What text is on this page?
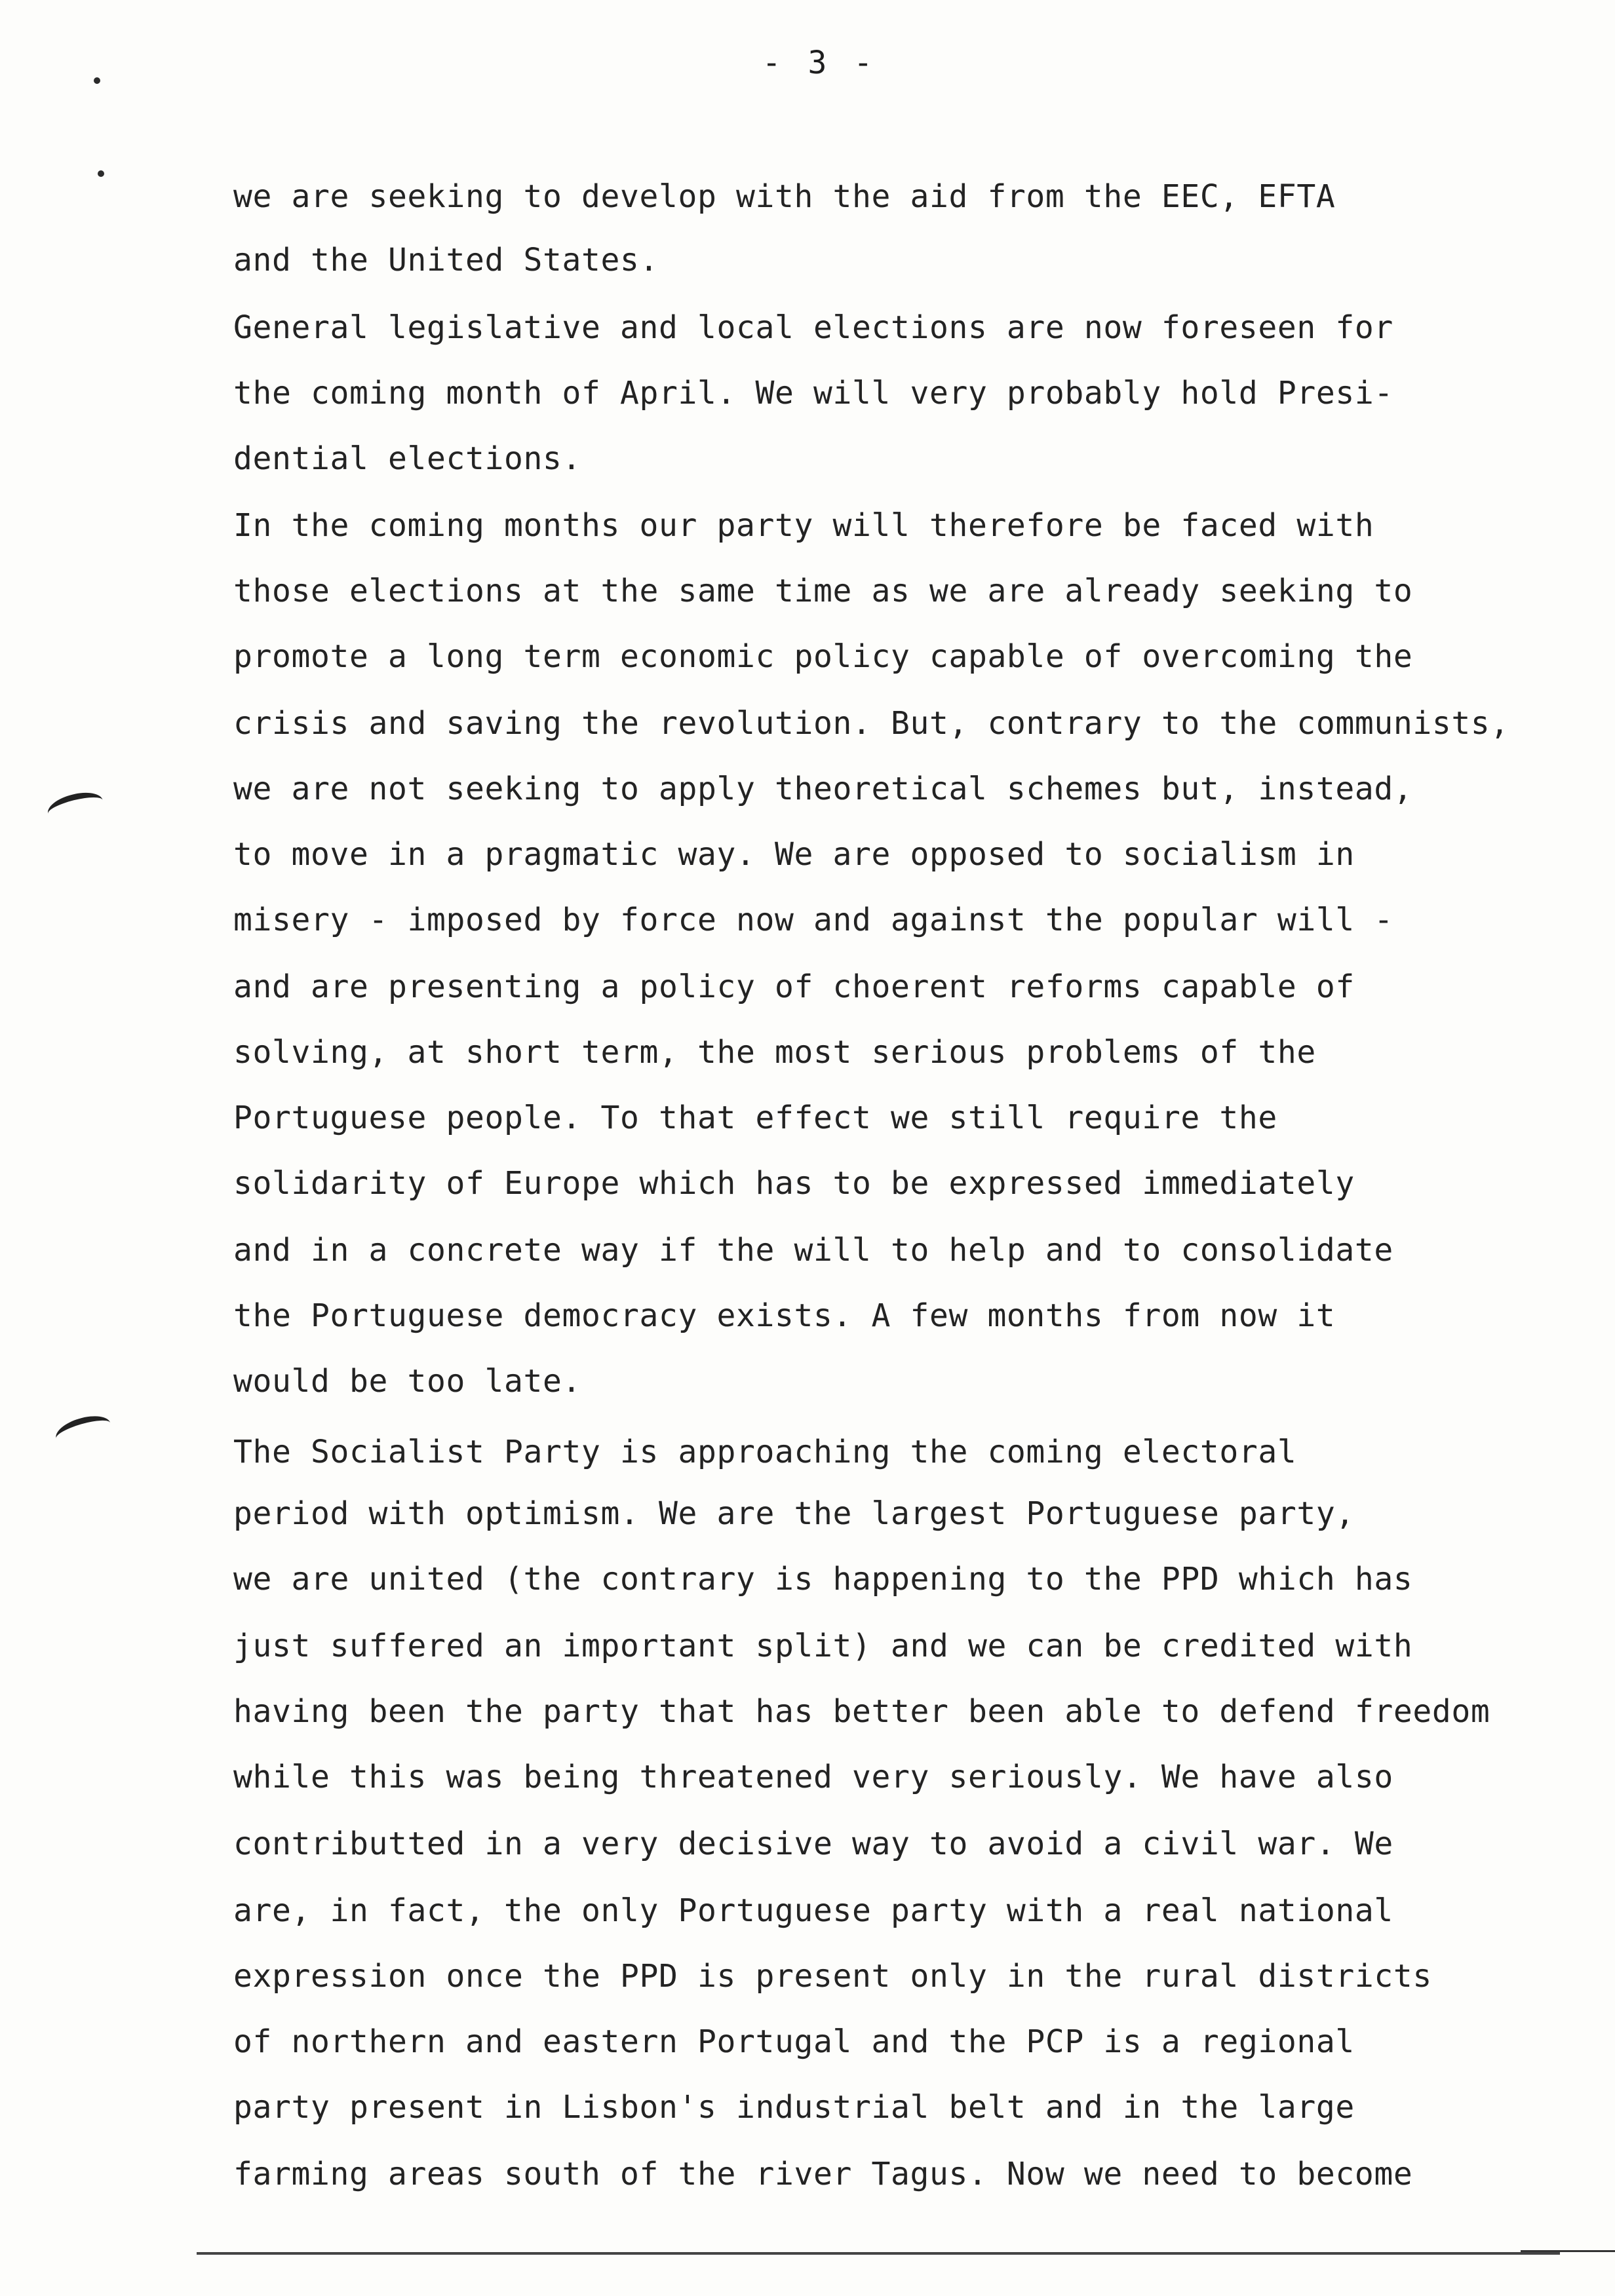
- 3 -

we are seeking to develop with the aid from the EEC, EFTA

and the United States.

General legislative and local elections are now foreseen for

the coming month of April. We will very probably hold Presi-

dential elections.

In the coming months our party will therefore be faced with

those elections at the same time as we are already seeking to

promote a long term economic policy capable of overcoming the

crisis and saving the revolution. But, contrary to the communists,

we are not seeking to apply theoretical schemes but, instead,

to move in a pragmatic way. We are opposed to socialism in

misery - imposed by force now and against the popular will -

and are presenting a policy of choerent reforms capable of

solving, at short term, the most serious problems of the

Portuguese people. To that effect we still require the

solidarity of Europe which has to be expressed immediately

and in a concrete way if the will to help and to consolidate

the Portuguese democracy exists. A few months from now it

would be too late.

The Socialist Party is approaching the coming electoral

period with optimism. We are the largest Portuguese party,

we are united (the contrary is happening to the PPD which has

just suffered an important split) and we can be credited with

having been the party that has better been able to defend freedom

while this was being threatened very seriously. We have also

contributted in a very decisive way to avoid a civil war. We

are, in fact, the only Portuguese party with a real national

expression once the PPD is present only in the rural districts

of northern and eastern Portugal and the PCP is a regional

party present in Lisbon's industrial belt and in the large

farming areas south of the river Tagus. Now we need to become
